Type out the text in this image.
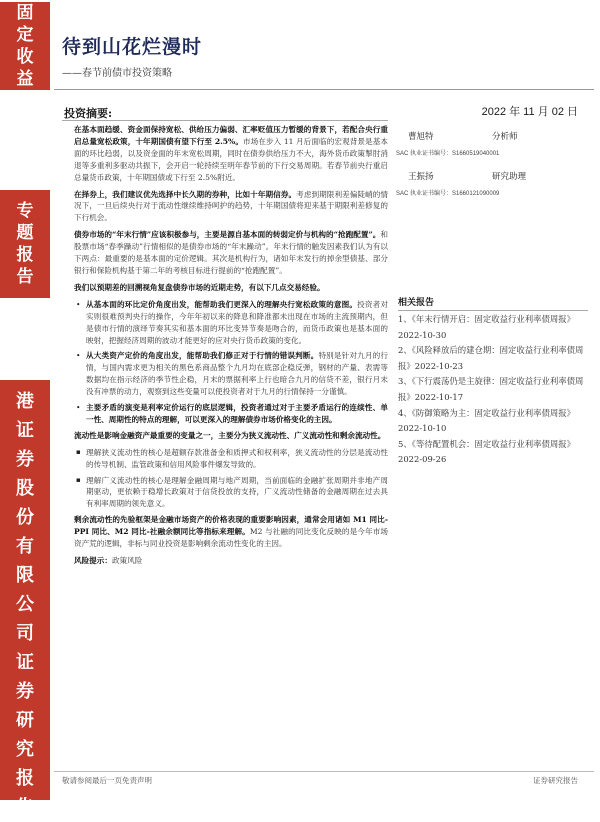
固
定
收
益
专
题
报
告
申
港
证
券
股
份
有
限
公
司
证
券
研
究
报
告
待到山花烂漫时
——春节前债市投资策略
投资摘要:	2022 年 11 月 02 日

在基本面趋缓、资金面保持宽松、供给压力偏弱、汇率贬值压力暂缓的背景下，若配合央行重启总量宽松政策，十年期国债有望下行至 2.5%。市场在步入 11 月后面临的宏观背景是基本面的环比趋弱，以及资金面的年末宽松周期，同时在债券供给压力不大，海外货币政策掣肘消退等多重利多驱动共振下，会开启一轮持续至明年春节前的下行交易周期。若春节前央行重启总量货币政策，十年期国债或下行至 2.5%附近。

在择券上，我们建议优先选择中长久期的券种，比如十年期信券。考虑到期限利差偏陡峭的情况下，一旦后续央行对于流动性继续维持呵护的趋势，十年期国债将迎来基于期限利差修复的下行机会。

债券市场的“年末行情”应该积极参与，主要是源自基本面的转弱定价与机构的“抢跑配置”。和股票市场“春季躁动”行情相似的是债券市场的“年末躁动”。年末行情的触发因素我们认为有以下两点：最重要的是基本面的定价逻辑。其次是机构行为，诸如年末发行的掉余型债基、部分银行和保险机构基于第二年的考核目标进行提前的“抢跑配置”。

我们以预期差的回溯视角复盘债券市场的近期走势，有以下几点交易经验。

• 从基本面的环比定价角度出发，能帮助我们更深入的理解央行宽松政策的意图。投资者对实则很难预判央行的操作，今年年初以来的降息和降准都未出现在市场的主流预期内，但是债市行情的演绎节奏其实和基本面的环比变异节奏是吻合的，而货币政策也是基本面的映射，把握经济周期的波动才能更好的应对央行货币政策的变化。
• 从大类资产定价的角度出发，能帮助我们修正对于行情的错误判断。特别是针对九月的行情，与国内需求更为相关的黑色系商品整个九月均在底部企稳反弹，钢材的产量、表需等数据均在指示经济的季节性企稳，月末的票据利率上行也暗合九月的信贷不差，银行月末没有冲票的动力，观察到这些变量可以使投资者对于九月的行情保持一分谨慎。
• 主要矛盾的演变是利率定价运行的底层逻辑，投资者通过对于主要矛盾运行的连续性、单一性、周期性的特点的理解，可以更深入的理解债券市场价格变化的主因。

流动性是影响金融资产最重要的变量之一，主要分为狭义流动性、广义流动性和剩余流动性。

▪ 理解狭义流动性的核心是超额存款准备金和质押式和权利率，狭义流动性的分层是流动性的传导机制、监管政策和信用风险事件爆发导致的。
▪ 理解广义流动性的核心是理解金融周期与地产周期，当前面临的金融扩张周期并非地产周期驱动，更依赖于稳增长政策对于信贷投放的支持，广义流动性储备的金融周期在过去具有利率周期的领先意义。

剩余流动性的先验框架是金融市场资产的价格表现的重要影响因素，通常会用诸如 M1 同比-PPI 同比、M2 同比-社融余额同比等指标来理解。M2 与社融的同比变化反映的是今年市场资产荒的逻辑，非标与同业投资是影响剩余流动性变化的主因。

风险提示：政策风险

曹旭特	分析师
SAC 执业证书编号：S1660519040001
王振扬	研究助理
SAC 执业证书编号：S1660121090009
相关报告
1、《年末行情开启：固定收益行业利率债周报》2022-10-30
2、《风险释放后的建仓期：固定收益行业利率债周报》2022-10-23
3、《下行震荡仍是主旋律：固定收益行业利率债周报》2022-10-17
4、《防御策略为主：固定收益行业利率债周报》2022-10-10
5、《等待配置机会：固定收益行业利率债周报》2022-09-26
敬请参阅最后一页免责声明	证券研究报告
